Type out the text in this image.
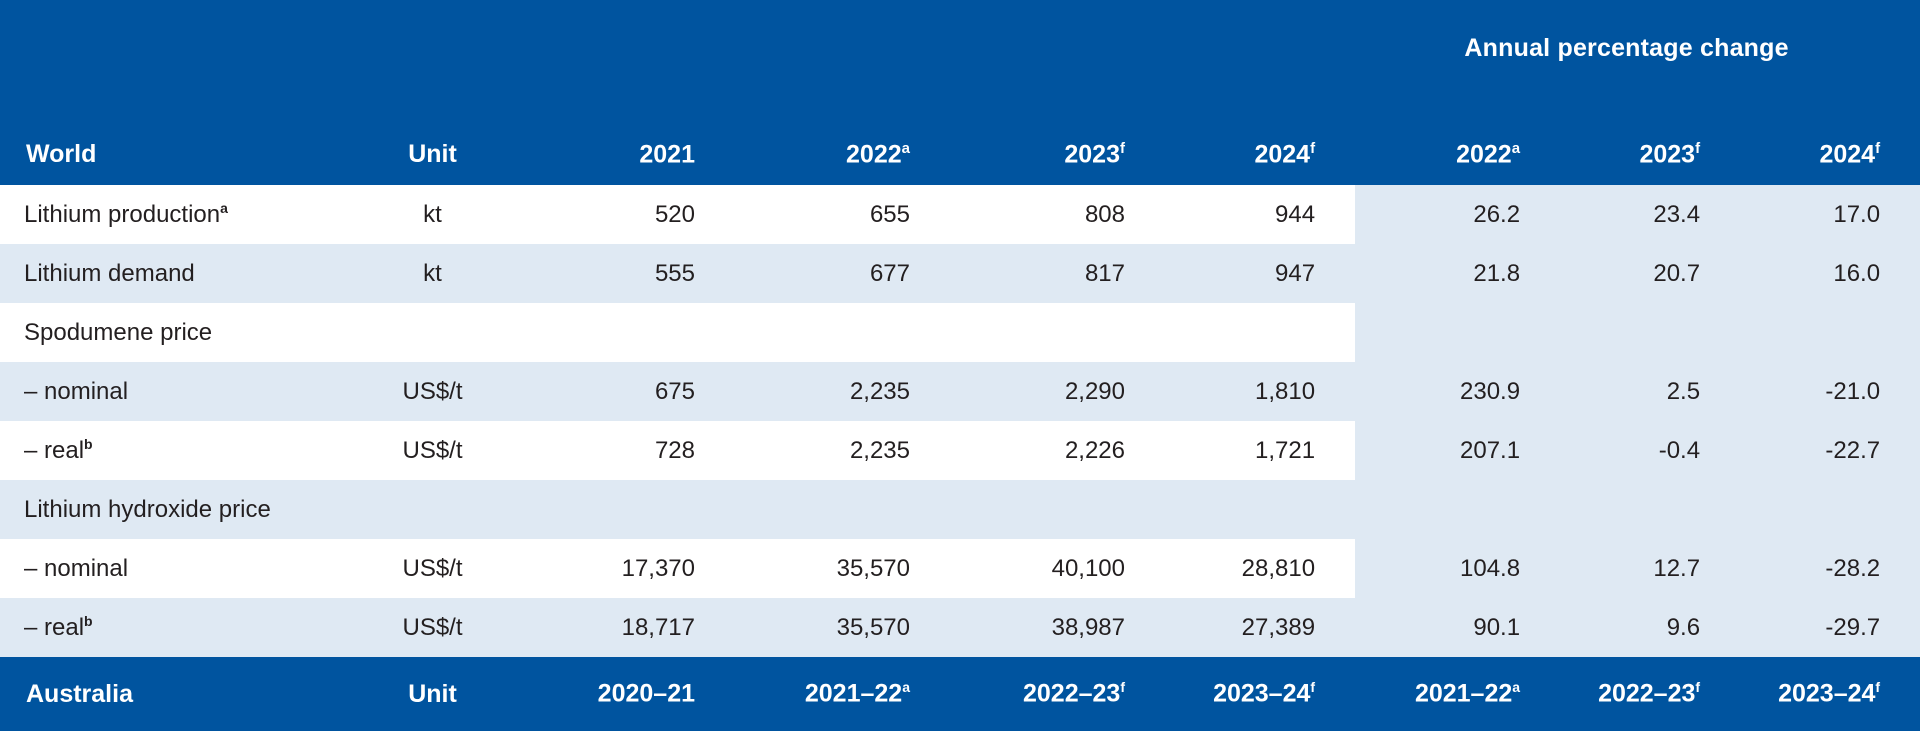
						Annual percentage change		
World	Unit	2021	2022$^a$	2023$^f$	2024$^f$	2022$^a$	2023$^f$	2024$^f$
Lithium production$^a$	kt	520	655	808	944	26.2	23.4	17.0
Lithium demand	kt	555	677	817	947	21.8	20.7	16.0
Spodumene price								
– nominal	US$/t	675	2,235	2,290	1,810	230.9	2.5	-21.0
– real$^b$	US$/t	728	2,235	2,226	1,721	207.1	-0.4	-22.7
Lithium hydroxide price								
– nominal	US$/t	17,370	35,570	40,100	28,810	104.8	12.7	-28.2
– real$^b$	US$/t	18,717	35,570	38,987	27,389	90.1	9.6	-29.7
Australia	Unit	2020–21	2021–22$^a$	2022–23$^f$	2023–24$^f$	2021–22$^a$	2022–23$^f$	2023–24$^f$
